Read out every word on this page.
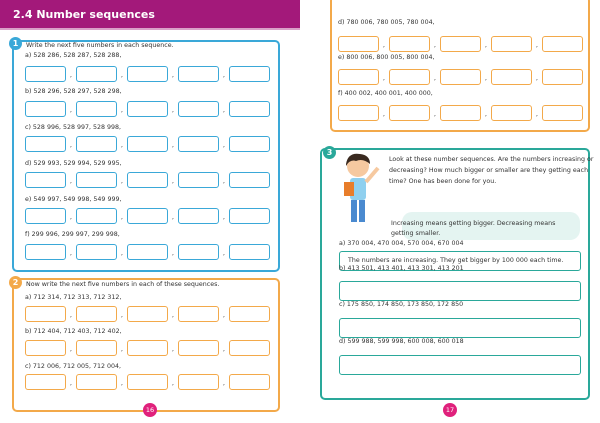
2.4 Number sequences
1	Write the next five numbers in each sequence.
2	Now write the next five numbers in each of these sequences.
3
Look at these number sequences. Are the numbers increasing or
decreasing? How much bigger or smaller are they getting each
time? One has been done for you.
Increasing means getting bigger. Decreasing means
getting smaller.
a) 528 286, 528 287, 528 288,
,	,	,	,
b) 528 296, 528 297, 528 298,
,	,	,	,
c) 528 996, 528 997, 528 998,
,	,	,	,
d) 529 993, 529 994, 529 995,
,	,	,	,
e) 549 997, 549 998, 549 999,
,	,	,	,
f) 299 996, 299 997, 299 998,
,	,	,	,
a) 712 314, 712 313, 712 312,
,	,	,	,
b) 712 404, 712 403, 712 402,
,	,	,	,
c) 712 006, 712 005, 712 004,
,	,	,	,
d) 780 006, 780 005, 780 004,
,	,	,	,
e) 800 006, 800 005, 800 004,
,	,	,	,
f) 400 002, 400 001, 400 000,
,	,	,	,
a) 370 004, 470 004, 570 004, 670 004
The numbers are increasing. They get bigger by 100 000 each time.
b) 413 501, 413 401, 413 301, 413 201
c) 175 850, 174 850, 173 850, 172 850
d) 599 988, 599 998, 600 008, 600 018
16	17
